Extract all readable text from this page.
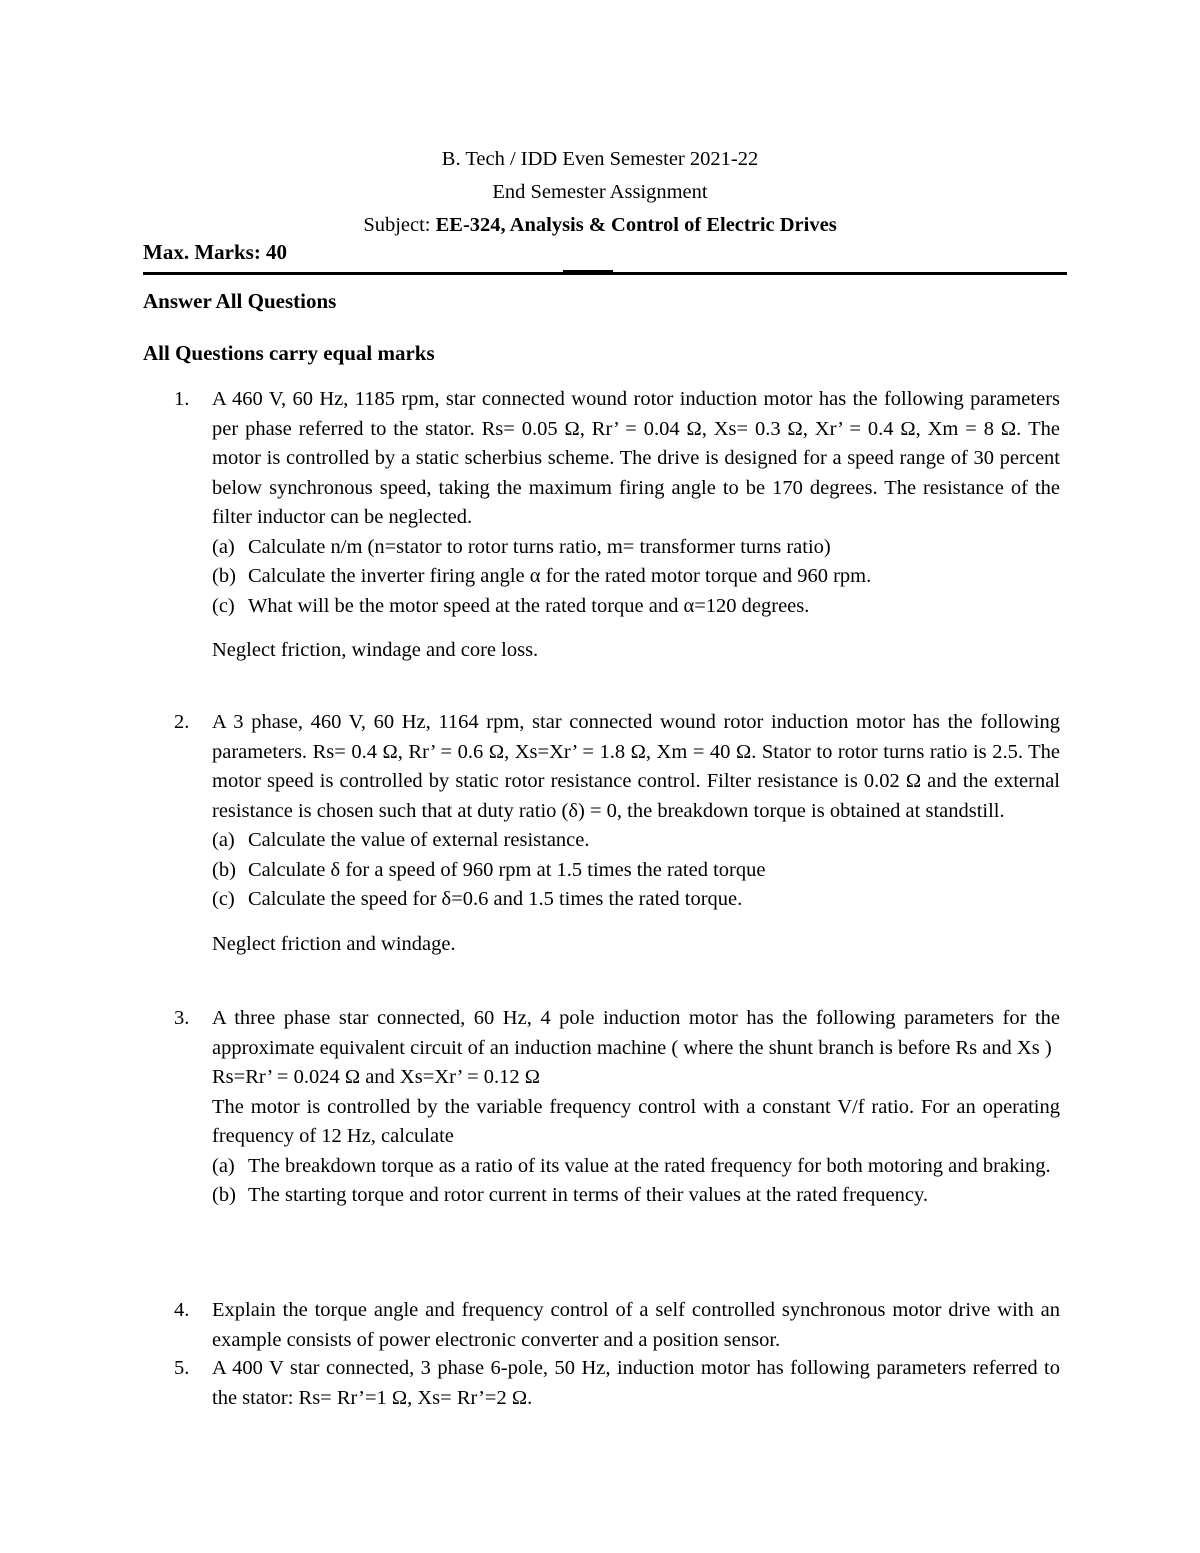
B. Tech / IDD Even Semester 2021-22
End Semester Assignment
Subject: EE-324, Analysis & Control of Electric Drives
Max. Marks: 40
Answer All Questions
All Questions carry equal marks
1. A 460 V, 60 Hz, 1185 rpm, star connected wound rotor induction motor has the following parameters per phase referred to the stator. Rs= 0.05 Ω, Rr’ = 0.04 Ω, Xs= 0.3 Ω, Xr’ = 0.4 Ω, Xm = 8 Ω. The motor is controlled by a static scherbius scheme. The drive is designed for a speed range of 30 percent below synchronous speed, taking the maximum firing angle to be 170 degrees. The resistance of the filter inductor can be neglected.

(a) Calculate n/m (n=stator to rotor turns ratio, m= transformer turns ratio)
(b) Calculate the inverter firing angle α for the rated motor torque and 960 rpm.
(c) What will be the motor speed at the rated torque and α=120 degrees.

Neglect friction, windage and core loss.

2. A 3 phase, 460 V, 60 Hz, 1164 rpm, star connected wound rotor induction motor has the following parameters. Rs= 0.4 Ω, Rr’ = 0.6 Ω, Xs=Xr’ = 1.8 Ω, Xm = 40 Ω. Stator to rotor turns ratio is 2.5. The motor speed is controlled by static rotor resistance control. Filter resistance is 0.02 Ω and the external resistance is chosen such that at duty ratio (δ) = 0, the breakdown torque is obtained at standstill.

(a) Calculate the value of external resistance.
(b) Calculate δ for a speed of 960 rpm at 1.5 times the rated torque
(c) Calculate the speed for δ=0.6 and 1.5 times the rated torque.

Neglect friction and windage.

3. A three phase star connected, 60 Hz, 4 pole induction motor has the following parameters for the approximate equivalent circuit of an induction machine ( where the shunt branch is before Rs and Xs )

Rs=Rr’ = 0.024 Ω and Xs=Xr’ = 0.12 Ω

The motor is controlled by the variable frequency control with a constant V/f ratio. For an operating frequency of 12 Hz, calculate

(a) The breakdown torque as a ratio of its value at the rated frequency for both motoring and braking.
(b) The starting torque and rotor current in terms of their values at the rated frequency.
4. Explain the torque angle and frequency control of a self controlled synchronous motor drive with an example consists of power electronic converter and a position sensor.

5. A 400 V star connected, 3 phase 6-pole, 50 Hz, induction motor has following parameters referred to the stator: Rs= Rr’=1 Ω, Xs= Rr’=2 Ω.
